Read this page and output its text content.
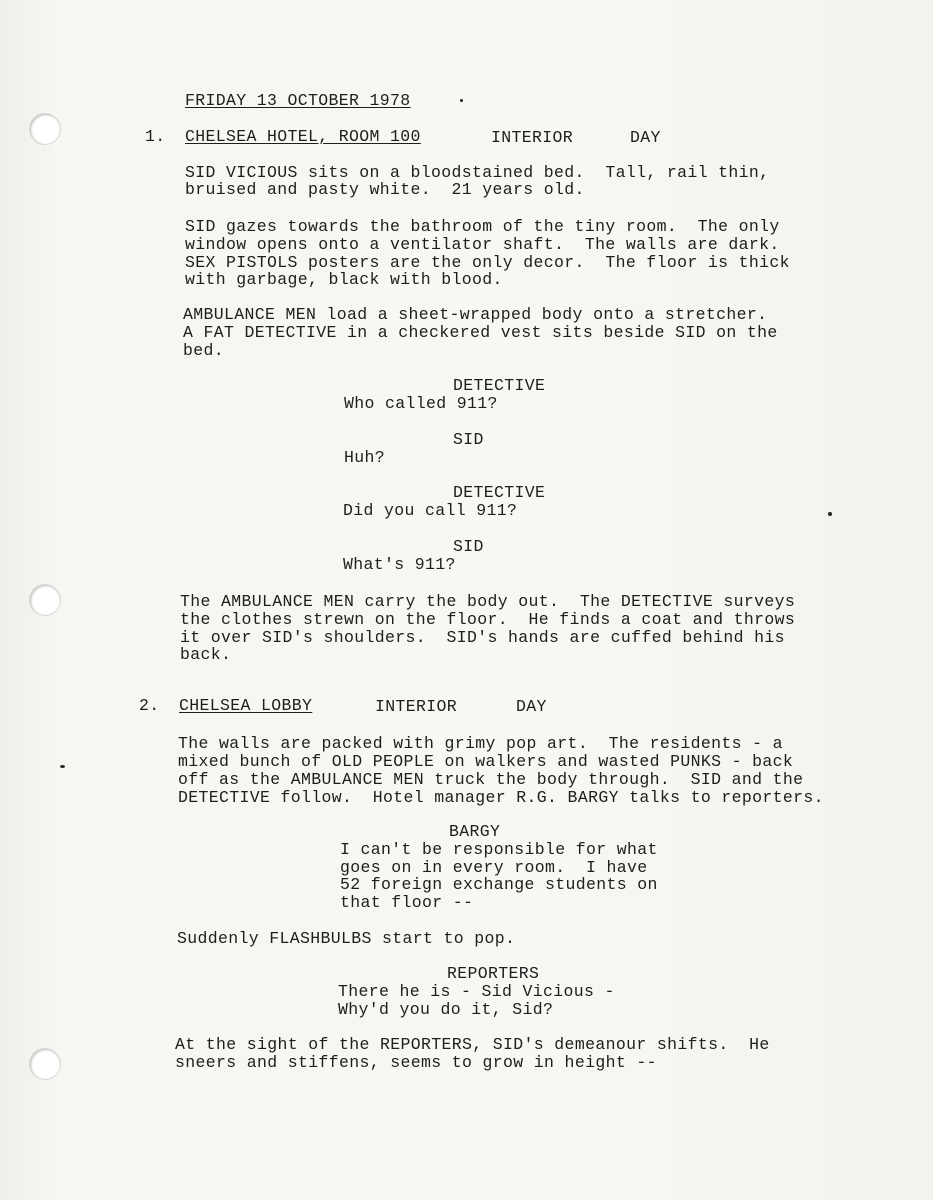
FRIDAY 13 OCTOBER 1978
1. CHELSEA HOTEL, ROOM 100	INTERIOR	DAY
SID VICIOUS sits on a bloodstained bed.  Tall, rail thin,
bruised and pasty white.  21 years old.
SID gazes towards the bathroom of the tiny room.  The only
window opens onto a ventilator shaft.  The walls are dark.
SEX PISTOLS posters are the only decor.  The floor is thick
with garbage, black with blood.
AMBULANCE MEN load a sheet-wrapped body onto a stretcher.
A FAT DETECTIVE in a checkered vest sits beside SID on the
bed.
DETECTIVE
Who called 911?
SID
Huh?
DETECTIVE
Did you call 911?
SID
What's 911?
The AMBULANCE MEN carry the body out.  The DETECTIVE surveys
the clothes strewn on the floor.  He finds a coat and throws
it over SID's shoulders.  SID's hands are cuffed behind his
back.
2. CHELSEA LOBBY	INTERIOR	DAY
The walls are packed with grimy pop art.  The residents - a
mixed bunch of OLD PEOPLE on walkers and wasted PUNKS - back
off as the AMBULANCE MEN truck the body through.  SID and the
DETECTIVE follow.  Hotel manager R.G. BARGY talks to reporters.
BARGY
I can't be responsible for what
goes on in every room.  I have
52 foreign exchange students on
that floor --
Suddenly FLASHBULBS start to pop.
REPORTERS
There he is - Sid Vicious -
Why'd you do it, Sid?
At the sight of the REPORTERS, SID's demeanour shifts.  He
sneers and stiffens, seems to grow in height --
